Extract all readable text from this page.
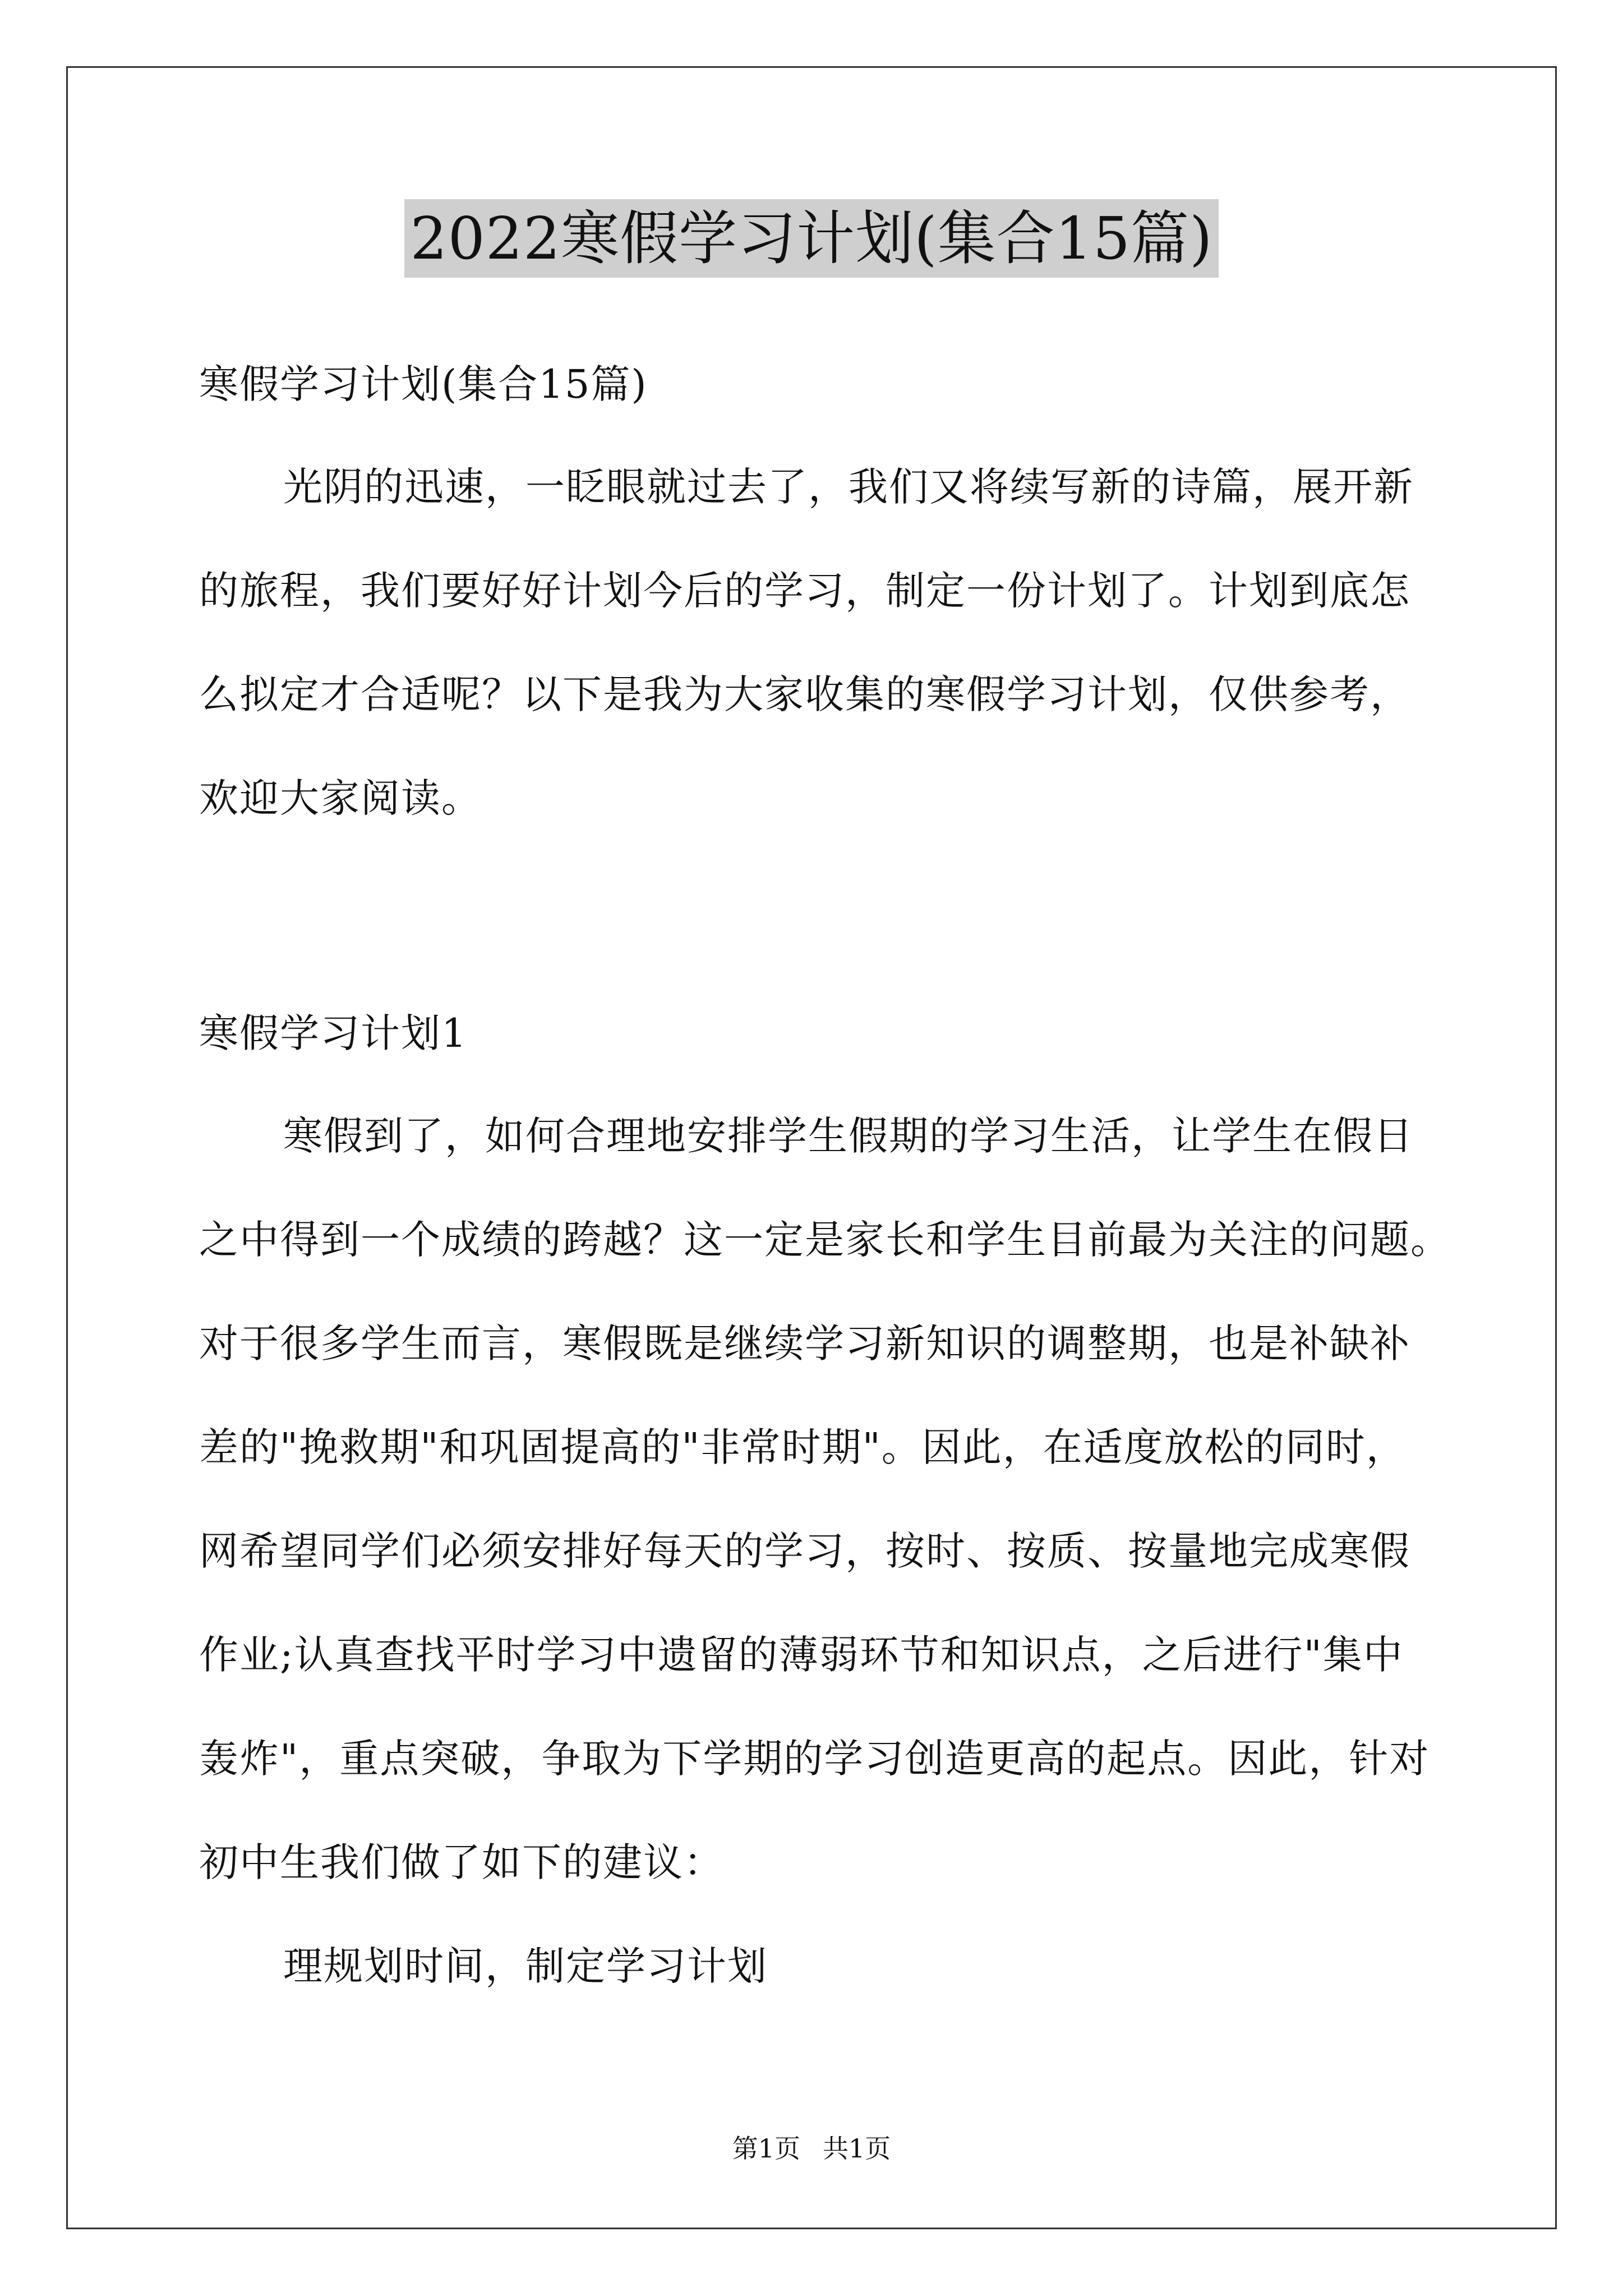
2022寒假学习计划(集合15篇)
寒假学习计划(集合15篇)
光阴的迅速，一眨眼就过去了，我们又将续写新的诗篇，展开新
的旅程，我们要好好计划今后的学习，制定一份计划了。计划到底怎
么拟定才合适呢？以下是我为大家收集的寒假学习计划，仅供参考，
欢迎大家阅读。
寒假学习计划1
寒假到了，如何合理地安排学生假期的学习生活，让学生在假日
之中得到一个成绩的跨越？这一定是家长和学生目前最为关注的问题。
对于很多学生而言，寒假既是继续学习新知识的调整期，也是补缺补
差的"挽救期"和巩固提高的"非常时期"。因此，在适度放松的同时，
网希望同学们必须安排好每天的学习，按时、按质、按量地完成寒假
作业;认真查找平时学习中遗留的薄弱环节和知识点，之后进行"集中
轰炸"，重点突破，争取为下学期的学习创造更高的起点。因此，针对
初中生我们做了如下的建议：
理规划时间，制定学习计划
第1页 共1页
